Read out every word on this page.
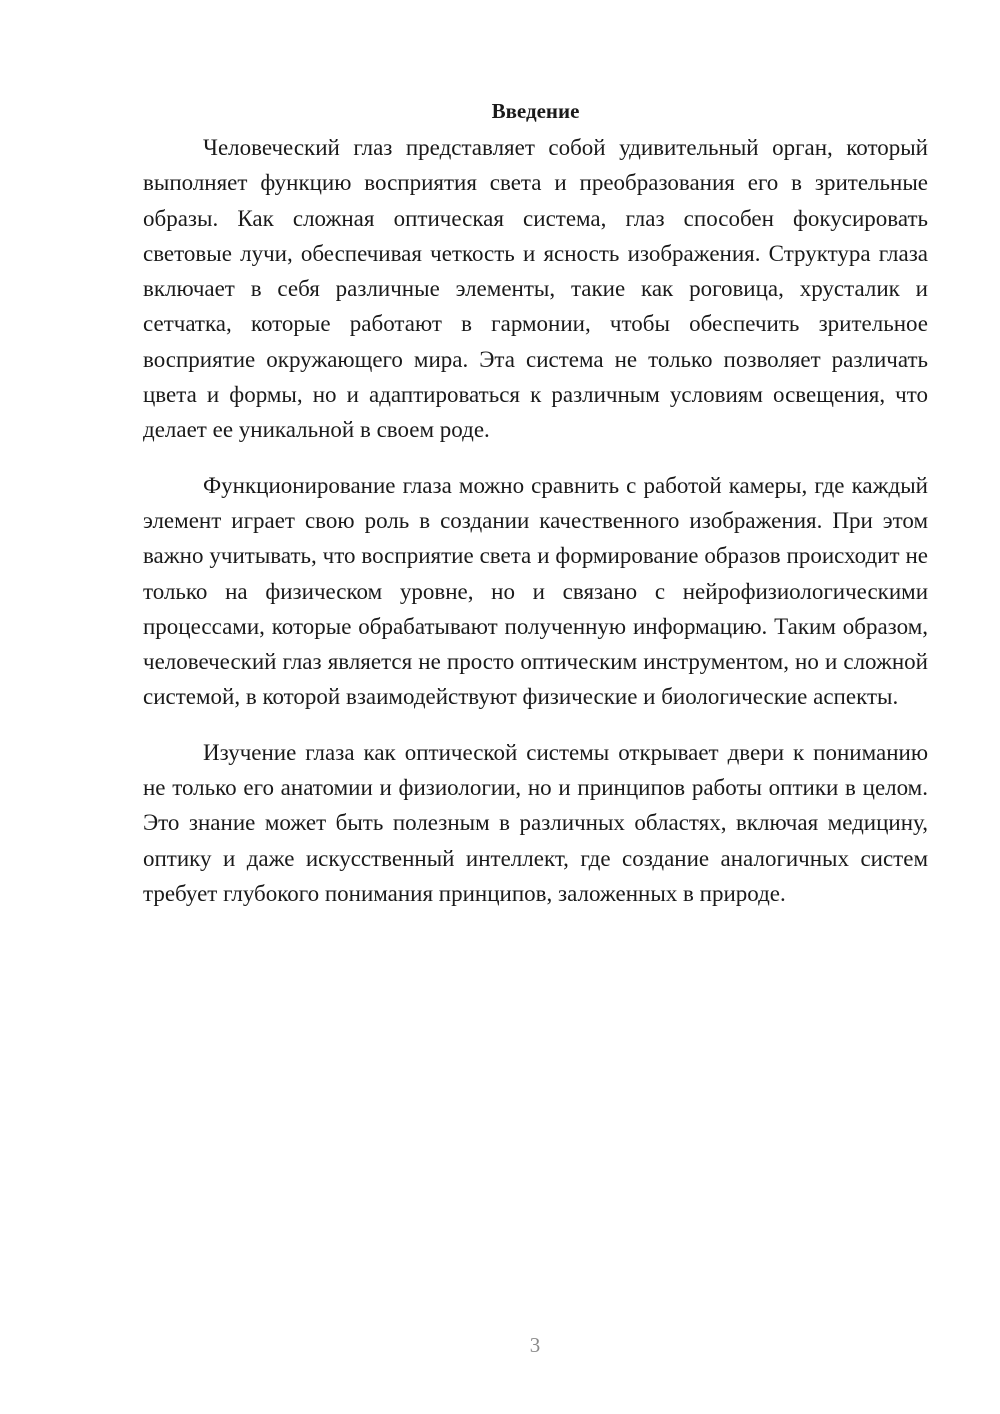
Введение

Человеческий глаз представляет собой удивительный орган, который выполняет функцию восприятия света и преобразования его в зрительные образы. Как сложная оптическая система, глаз способен фокусировать световые лучи, обеспечивая четкость и ясность изображения. Структура глаза включает в себя различные элементы, такие как роговица, хрусталик и сетчатка, которые работают в гармонии, чтобы обеспечить зрительное восприятие окружающего мира. Эта система не только позволяет различать цвета и формы, но и адаптироваться к различным условиям освещения, что делает ее уникальной в своем роде.

Функционирование глаза можно сравнить с работой камеры, где каждый элемент играет свою роль в создании качественного изображения. При этом важно учитывать, что восприятие света и формирование образов происходит не только на физическом уровне, но и связано с нейрофизиологическими процессами, которые обрабатывают полученную информацию. Таким образом, человеческий глаз является не просто оптическим инструментом, но и сложной системой, в которой взаимодействуют физические и биологические аспекты.

Изучение глаза как оптической системы открывает двери к пониманию не только его анатомии и физиологии, но и принципов работы оптики в целом. Это знание может быть полезным в различных областях, включая медицину, оптику и даже искусственный интеллект, где создание аналогичных систем требует глубокого понимания принципов, заложенных в природе.

3
